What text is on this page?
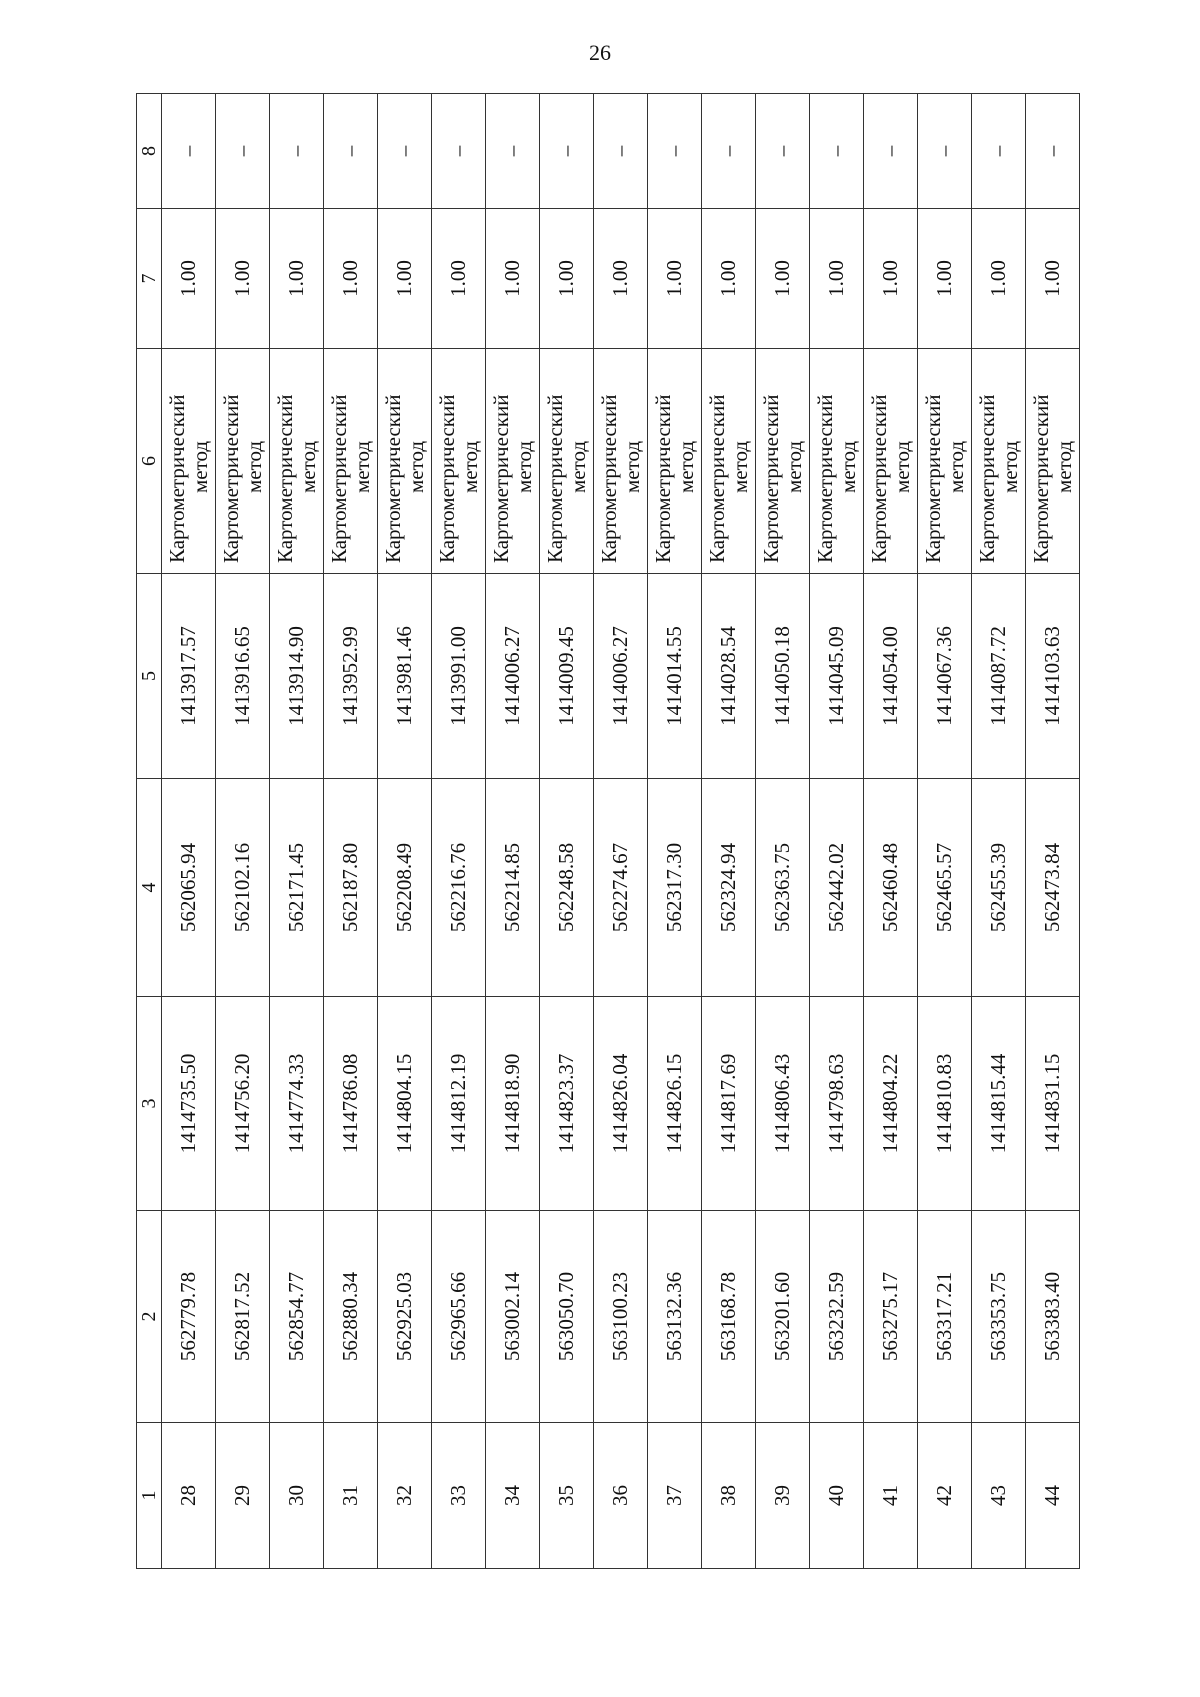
26
1	2	3	4	5	6	7	8
28	562779.78	1414735.50	562065.94	1413917.57	Картометрический
метод	1.00	–
29	562817.52	1414756.20	562102.16	1413916.65	Картометрический
метод	1.00	–
30	562854.77	1414774.33	562171.45	1413914.90	Картометрический
метод	1.00	–
31	562880.34	1414786.08	562187.80	1413952.99	Картометрический
метод	1.00	–
32	562925.03	1414804.15	562208.49	1413981.46	Картометрический
метод	1.00	–
33	562965.66	1414812.19	562216.76	1413991.00	Картометрический
метод	1.00	–
34	563002.14	1414818.90	562214.85	1414006.27	Картометрический
метод	1.00	–
35	563050.70	1414823.37	562248.58	1414009.45	Картометрический
метод	1.00	–
36	563100.23	1414826.04	562274.67	1414006.27	Картометрический
метод	1.00	–
37	563132.36	1414826.15	562317.30	1414014.55	Картометрический
метод	1.00	–
38	563168.78	1414817.69	562324.94	1414028.54	Картометрический
метод	1.00	–
39	563201.60	1414806.43	562363.75	1414050.18	Картометрический
метод	1.00	–
40	563232.59	1414798.63	562442.02	1414045.09	Картометрический
метод	1.00	–
41	563275.17	1414804.22	562460.48	1414054.00	Картометрический
метод	1.00	–
42	563317.21	1414810.83	562465.57	1414067.36	Картометрический
метод	1.00	–
43	563353.75	1414815.44	562455.39	1414087.72	Картометрический
метод	1.00	–
44	563383.40	1414831.15	562473.84	1414103.63	Картометрический
метод	1.00	–
